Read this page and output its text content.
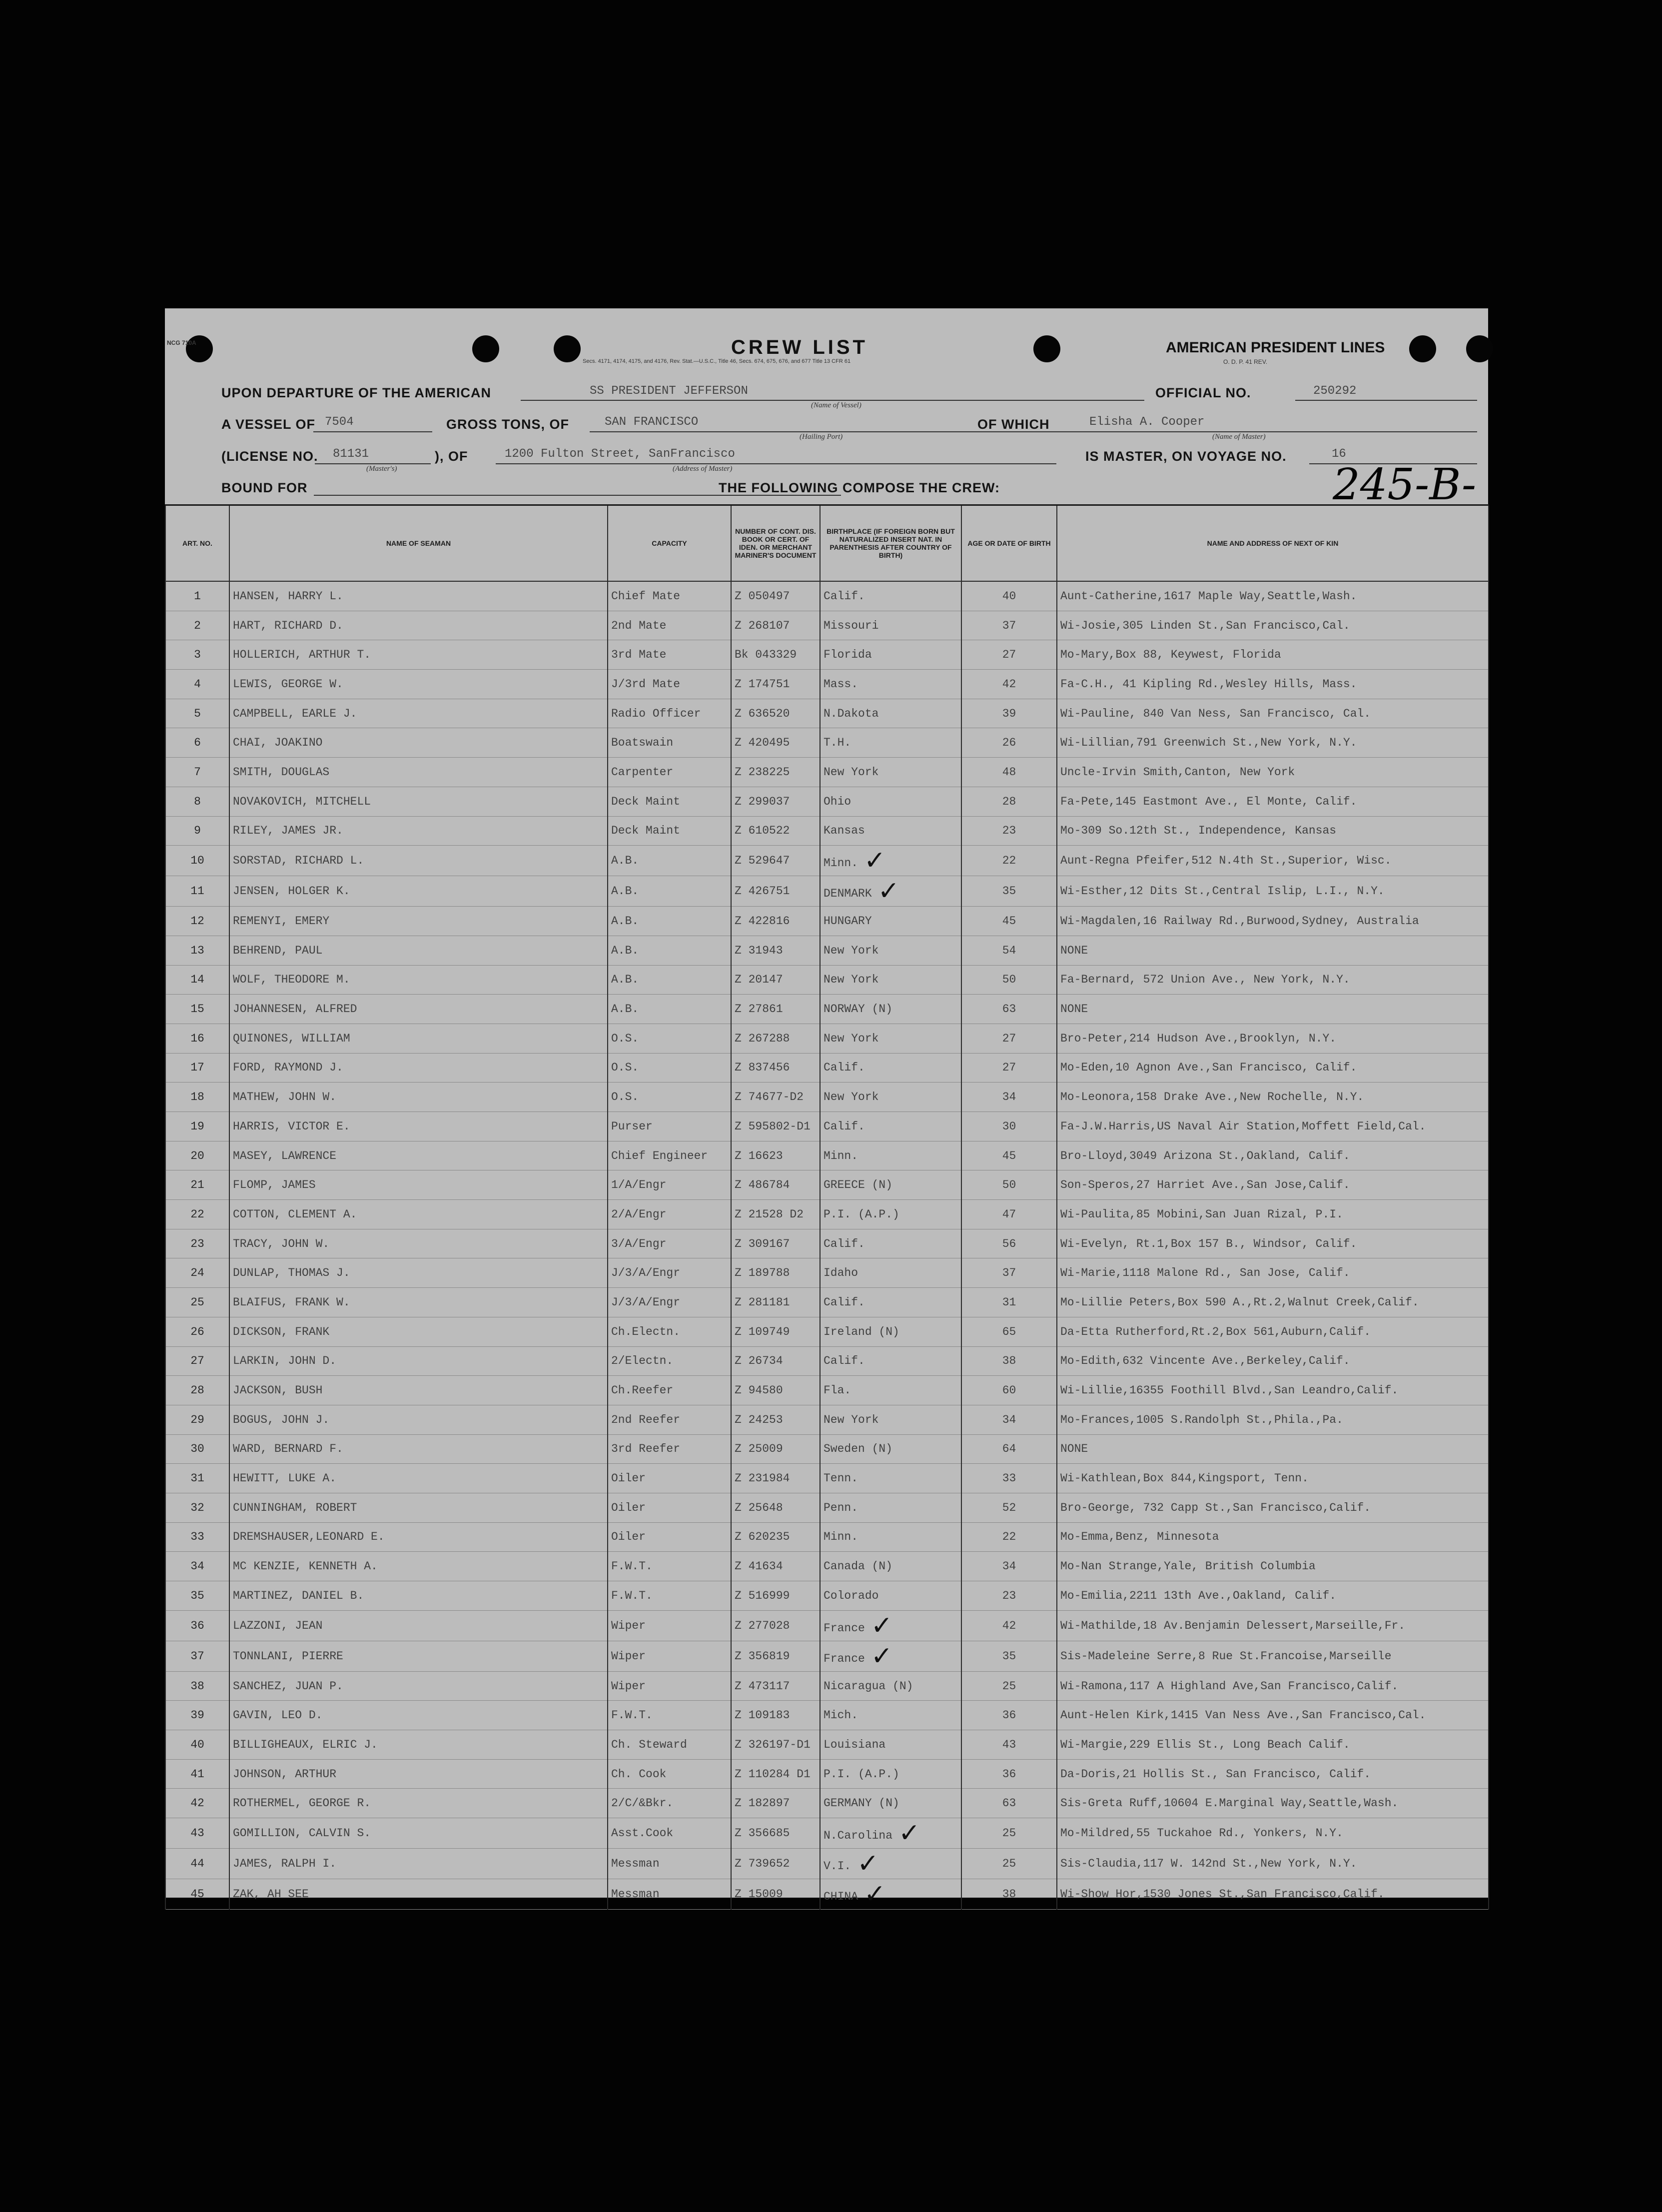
NCG 710A	CREW LIST
Secs. 4171, 4174, 4175, and 4176, Rev. Stat.—U.S.C., Title 46, Secs. 674, 675, 676, and 677 Title 13 CFR 61
AMERICAN PRESIDENT LINES
O. D. P. 41 REV.
UPON DEPARTURE OF THE AMERICAN	SS PRESIDENT JEFFERSON
(Name of Vessel)
OFFICIAL NO.	250292
A VESSEL OF 7504	GROSS TONS, OF	SAN FRANCISCO
(Hailing Port)
OF WHICH	Elisha A. Cooper
(Name of Master)
(LICENSE NO. 81131
(Master's)
), OF	1200 Fulton Street, SanFrancisco
(Address of Master)
IS MASTER, ON VOYAGE NO.	16
BOUND FOR	THE FOLLOWING COMPOSE THE CREW:	245-B-
ART. NO.	NAME OF SEAMAN	CAPACITY	NUMBER OF CONT. DIS. BOOK OR CERT. OF IDEN. OR MERCHANT MARINER'S DOCUMENT	BIRTHPLACE (IF FOREIGN BORN BUT NATURALIZED INSERT NAT. IN PARENTHESIS AFTER COUNTRY OF BIRTH)	AGE OR DATE OF BIRTH	NAME AND ADDRESS OF NEXT OF KIN
1	HANSEN, HARRY L.	Chief Mate	Z 050497	Calif.	40	Aunt-Catherine,1617 Maple Way,Seattle,Wash.
2	HART, RICHARD D.	2nd Mate	Z 268107	Missouri	37	Wi-Josie,305 Linden St.,San Francisco,Cal.
3	HOLLERICH, ARTHUR T.	3rd Mate	Bk 043329	Florida	27	Mo-Mary,Box 88, Keywest, Florida
4	LEWIS, GEORGE W.	J/3rd Mate	Z 174751	Mass.	42	Fa-C.H., 41 Kipling Rd.,Wesley Hills, Mass.
5	CAMPBELL, EARLE J.	Radio Officer	Z 636520	N.Dakota	39	Wi-Pauline, 840 Van Ness, San Francisco, Cal.
6	CHAI, JOAKINO	Boatswain	Z 420495	T.H.	26	Wi-Lillian,791 Greenwich St.,New York, N.Y.
7	SMITH, DOUGLAS	Carpenter	Z 238225	New York	48	Uncle-Irvin Smith,Canton, New York
8	NOVAKOVICH, MITCHELL	Deck Maint	Z 299037	Ohio	28	Fa-Pete,145 Eastmont Ave., El Monte, Calif.
9	RILEY, JAMES JR.	Deck Maint	Z 610522	Kansas	23	Mo-309 So.12th St., Independence, Kansas
10	SORSTAD, RICHARD L.	A.B.	Z 529647	Minn. ✓	22	Aunt-Regna Pfeifer,512 N.4th St.,Superior, Wisc.
11	JENSEN, HOLGER K.	A.B.	Z 426751	DENMARK ✓	35	Wi-Esther,12 Dits St.,Central Islip, L.I., N.Y.
12	REMENYI, EMERY	A.B.	Z 422816	HUNGARY	45	Wi-Magdalen,16 Railway Rd.,Burwood,Sydney, Australia
13	BEHREND, PAUL	A.B.	Z 31943	New York	54	NONE
14	WOLF, THEODORE M.	A.B.	Z 20147	New York	50	Fa-Bernard, 572 Union Ave., New York, N.Y.
15	JOHANNESEN, ALFRED	A.B.	Z 27861	NORWAY (N)	63	NONE
16	QUINONES, WILLIAM	O.S.	Z 267288	New York	27	Bro-Peter,214 Hudson Ave.,Brooklyn, N.Y.
17	FORD, RAYMOND J.	O.S.	Z 837456	Calif.	27	Mo-Eden,10 Agnon Ave.,San Francisco, Calif.
18	MATHEW, JOHN W.	O.S.	Z 74677-D2	New York	34	Mo-Leonora,158 Drake Ave.,New Rochelle, N.Y.
19	HARRIS, VICTOR E.	Purser	Z 595802-D1	Calif.	30	Fa-J.W.Harris,US Naval Air Station,Moffett Field,Cal.
20	MASEY, LAWRENCE	Chief Engineer	Z 16623	Minn.	45	Bro-Lloyd,3049 Arizona St.,Oakland, Calif.
21	FLOMP, JAMES	1/A/Engr	Z 486784	GREECE (N)	50	Son-Speros,27 Harriet Ave.,San Jose,Calif.
22	COTTON, CLEMENT A.	2/A/Engr	Z 21528 D2	P.I. (A.P.)	47	Wi-Paulita,85 Mobini,San Juan Rizal, P.I.
23	TRACY, JOHN W.	3/A/Engr	Z 309167	Calif.	56	Wi-Evelyn, Rt.1,Box 157 B., Windsor, Calif.
24	DUNLAP, THOMAS J.	J/3/A/Engr	Z 189788	Idaho	37	Wi-Marie,1118 Malone Rd., San Jose, Calif.
25	BLAIFUS, FRANK W.	J/3/A/Engr	Z 281181	Calif.	31	Mo-Lillie Peters,Box 590 A.,Rt.2,Walnut Creek,Calif.
26	DICKSON, FRANK	Ch.Electn.	Z 109749	Ireland (N)	65	Da-Etta Rutherford,Rt.2,Box 561,Auburn,Calif.
27	LARKIN, JOHN D.	2/Electn.	Z 26734	Calif.	38	Mo-Edith,632 Vincente Ave.,Berkeley,Calif.
28	JACKSON, BUSH	Ch.Reefer	Z 94580	Fla.	60	Wi-Lillie,16355 Foothill Blvd.,San Leandro,Calif.
29	BOGUS, JOHN J.	2nd Reefer	Z 24253	New York	34	Mo-Frances,1005 S.Randolph St.,Phila.,Pa.
30	WARD, BERNARD F.	3rd Reefer	Z 25009	Sweden (N)	64	NONE
31	HEWITT, LUKE A.	Oiler	Z 231984	Tenn.	33	Wi-Kathlean,Box 844,Kingsport, Tenn.
32	CUNNINGHAM, ROBERT	Oiler	Z 25648	Penn.	52	Bro-George, 732 Capp St.,San Francisco,Calif.
33	DREMSHAUSER,LEONARD E.	Oiler	Z 620235	Minn.	22	Mo-Emma,Benz, Minnesota
34	MC KENZIE, KENNETH A.	F.W.T.	Z 41634	Canada (N)	34	Mo-Nan Strange,Yale, British Columbia
35	MARTINEZ, DANIEL B.	F.W.T.	Z 516999	Colorado	23	Mo-Emilia,2211 13th Ave.,Oakland, Calif.
36	LAZZONI, JEAN	Wiper	Z 277028	France ✓	42	Wi-Mathilde,18 Av.Benjamin Delessert,Marseille,Fr.
37	TONNLANI, PIERRE	Wiper	Z 356819	France ✓	35	Sis-Madeleine Serre,8 Rue St.Francoise,Marseille
38	SANCHEZ, JUAN P.	Wiper	Z 473117	Nicaragua (N)	25	Wi-Ramona,117 A Highland Ave,San Francisco,Calif.
39	GAVIN, LEO D.	F.W.T.	Z 109183	Mich.	36	Aunt-Helen Kirk,1415 Van Ness Ave.,San Francisco,Cal.
40	BILLIGHEAUX, ELRIC J.	Ch. Steward	Z 326197-D1	Louisiana	43	Wi-Margie,229 Ellis St., Long Beach Calif.
41	JOHNSON, ARTHUR	Ch. Cook	Z 110284 D1	P.I. (A.P.)	36	Da-Doris,21 Hollis St., San Francisco, Calif.
42	ROTHERMEL, GEORGE R.	2/C/&Bkr.	Z 182897	GERMANY (N)	63	Sis-Greta Ruff,10604 E.Marginal Way,Seattle,Wash.
43	GOMILLION, CALVIN S.	Asst.Cook	Z 356685	N.Carolina ✓	25	Mo-Mildred,55 Tuckahoe Rd., Yonkers, N.Y.
44	JAMES, RALPH I.	Messman	Z 739652	V.I. ✓	25	Sis-Claudia,117 W. 142nd St.,New York, N.Y.
45	ZAK, AH SEE	Messman	Z 15009	CHINA ✓	38	Wi-Show Hor,1530 Jones St.,San Francisco,Calif.
